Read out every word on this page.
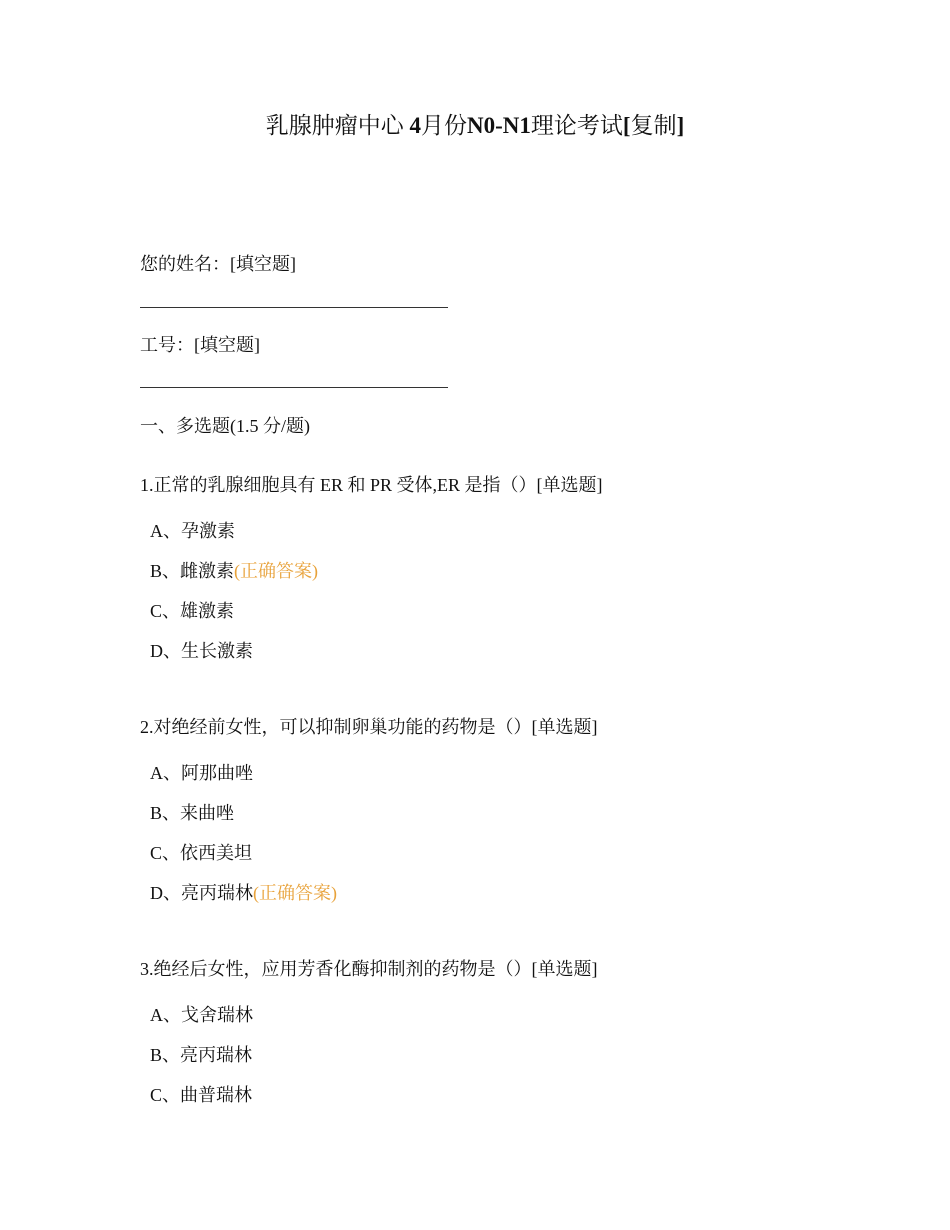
乳腺肿瘤中心 4月份N0-N1理论考试[复制]
您的姓名：[填空题]
工号：[填空题]
一、多选题(1.5 分/题)
1.正常的乳腺细胞具有 ER 和 PR 受体,ER 是指（）[单选题]
A、孕激素
B、雌激素(正确答案)
C、雄激素
D、生长激素
2.对绝经前女性，可以抑制卵巢功能的药物是（）[单选题]
A、阿那曲唑
B、来曲唑
C、依西美坦
D、亮丙瑞林(正确答案)
3.绝经后女性，应用芳香化酶抑制剂的药物是（）[单选题]
A、戈舍瑞林
B、亮丙瑞林
C、曲普瑞林
